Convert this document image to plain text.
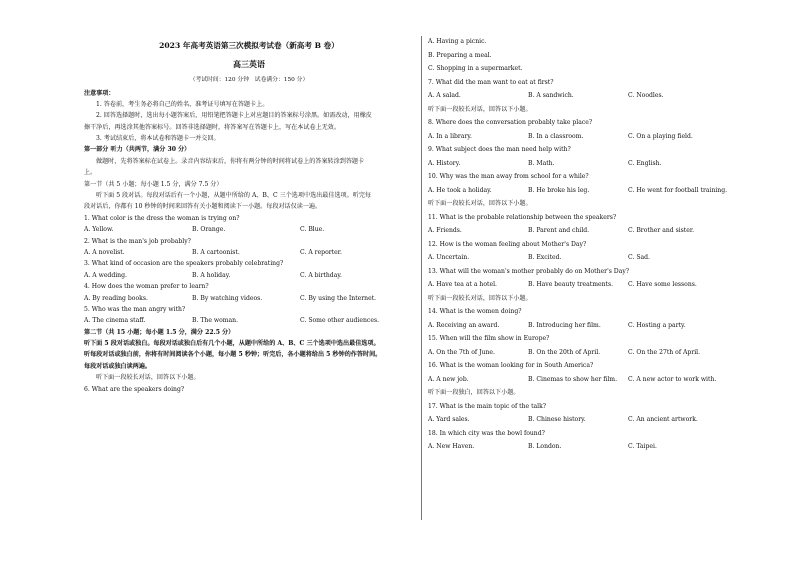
2023 年高考英语第三次模拟考试卷（新高考 B 卷）
高三英语
（考试时间：120 分钟　试卷满分：150 分）

注意事项：

1. 答卷前，考生务必将自己的姓名、准考证号填写在答题卡上。

2. 回答选择题时，选出每小题答案后，用铅笔把答题卡上对应题目的答案标号涂黑。如需改动，用橡皮

擦干净后，再选涂其他答案标号。回答非选择题时，将答案写在答题卡上，写在本试卷上无效。

3. 考试结束后，将本试卷和答题卡一并交回。

第一部分 听力（共两节，满分 30 分）

做题时，先将答案标在试卷上。录音内容结束后，你将有两分钟的时间将试卷上的答案转涂到答题卡

上。

第一节（共 5 小题；每小题 1.5 分，满分 7.5 分）

听下面 5 段对话。每段对话后有一个小题，从题中所给的 A、B、C 三个选项中选出最佳选项。听完每

段对话后，你都有 10 秒钟的时间来回答有关小题和阅读下一小题。每段对话仅读一遍。

1. What color is the dress the woman is trying on?

A. Yellow.	B. Orange.	C. Blue.

2. What is the man's job probably?

A. A novelist.	B. A cartoonist.	C. A reporter.

3. What kind of occasion are the speakers probably celebrating?

A. A wedding.	B. A holiday.	C. A birthday.

4. How does the woman prefer to learn?

A. By reading books.	B. By watching videos.	C. By using the Internet.

5. Who was the man angry with?

A. The cinema staff.	B. The woman.	C. Some other audiences.

第二节（共 15 小题；每小题 1.5 分，满分 22.5 分）

听下面 5 段对话或独白。每段对话或独白后有几个小题，从题中所给的 A、B、C 三个选项中选出最佳选项。

听每段对话或独白前，你将有时间阅读各个小题，每小题 5 秒钟；听完后，各小题将给出 5 秒钟的作答时间。

每段对话或独白读两遍。

听下面一段较长对话，回答以下小题。

6. What are the speakers doing?

A. Having a picnic.

B. Preparing a meal.

C. Shopping in a supermarket.

7. What did the man want to eat at first?

A. A salad.	B. A sandwich.	C. Noodles.

听下面一段较长对话，回答以下小题。

8. Where does the conversation probably take place?

A. In a library.	B. In a classroom.	C. On a playing field.

9. What subject does the man need help with?

A. History.	B. Math.	C. English.

10. Why was the man away from school for a while?

A. He took a holiday.	B. He broke his leg.	C. He went for football training.

听下面一段较长对话，回答以下小题。

11. What is the probable relationship between the speakers?

A. Friends.	B. Parent and child.	C. Brother and sister.

12. How is the woman feeling about Mother's Day?

A. Uncertain.	B. Excited.	C. Sad.

13. What will the woman's mother probably do on Mother's Day?

A. Have tea at a hotel.	B. Have beauty treatments.	C. Have some lessons.

听下面一段较长对话，回答以下小题。

14. What is the women doing?

A. Receiving an award.	B. Introducing her film.	C. Hosting a party.

15. When will the film show in Europe?

A. On the 7th of June.	B. On the 20th of April.	C. On the 27th of April.

16. What is the woman looking for in South America?

A. A new job.	B. Cinemas to show her film.	C. A new actor to work with.

听下面一段独白，回答以下小题。

17. What is the main topic of the talk?

A. Yard sales.	B. Chinese history.	C. An ancient artwork.

18. In which city was the bowl found?

A. New Haven.	B. London.	C. Taipei.
